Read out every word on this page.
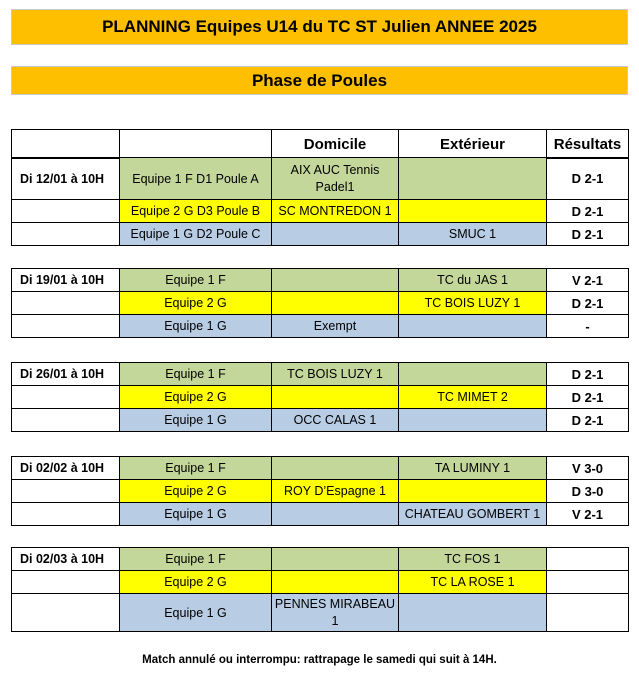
PLANNING Equipes U14 du TC ST Julien ANNEE 2025
Phase de Poules
		Domicile	Extérieur	Résultats
Di 12/01 à 10H	Equipe 1 F D1 Poule A	AIX AUC Tennis Padel1		D 2-1
	Equipe 2 G D3 Poule B	SC MONTREDON 1		D 2-1
	Equipe 1 G D2 Poule C		SMUC 1	D 2-1
Di 19/01 à 10H	Equipe 1 F		TC du JAS 1	V 2-1
	Equipe 2 G		TC BOIS LUZY 1	D 2-1
	Equipe 1 G	Exempt		-
Di 26/01 à 10H	Equipe 1 F	TC BOIS LUZY 1		D 2-1
	Equipe 2 G		TC MIMET 2	D 2-1
	Equipe 1 G	OCC CALAS 1		D 2-1
Di 02/02 à 10H	Equipe 1 F		TA LUMINY 1	V 3-0
	Equipe 2 G	ROY D’Espagne 1		D 3-0
	Equipe 1 G		CHATEAU GOMBERT 1	V 2-1
Di 02/03 à 10H	Equipe 1 F		TC FOS 1	
	Equipe 2 G		TC LA ROSE 1	
	Equipe 1 G	PENNES MIRABEAU 1		
Match annulé ou interrompu: rattrapage le samedi qui suit à 14H.
